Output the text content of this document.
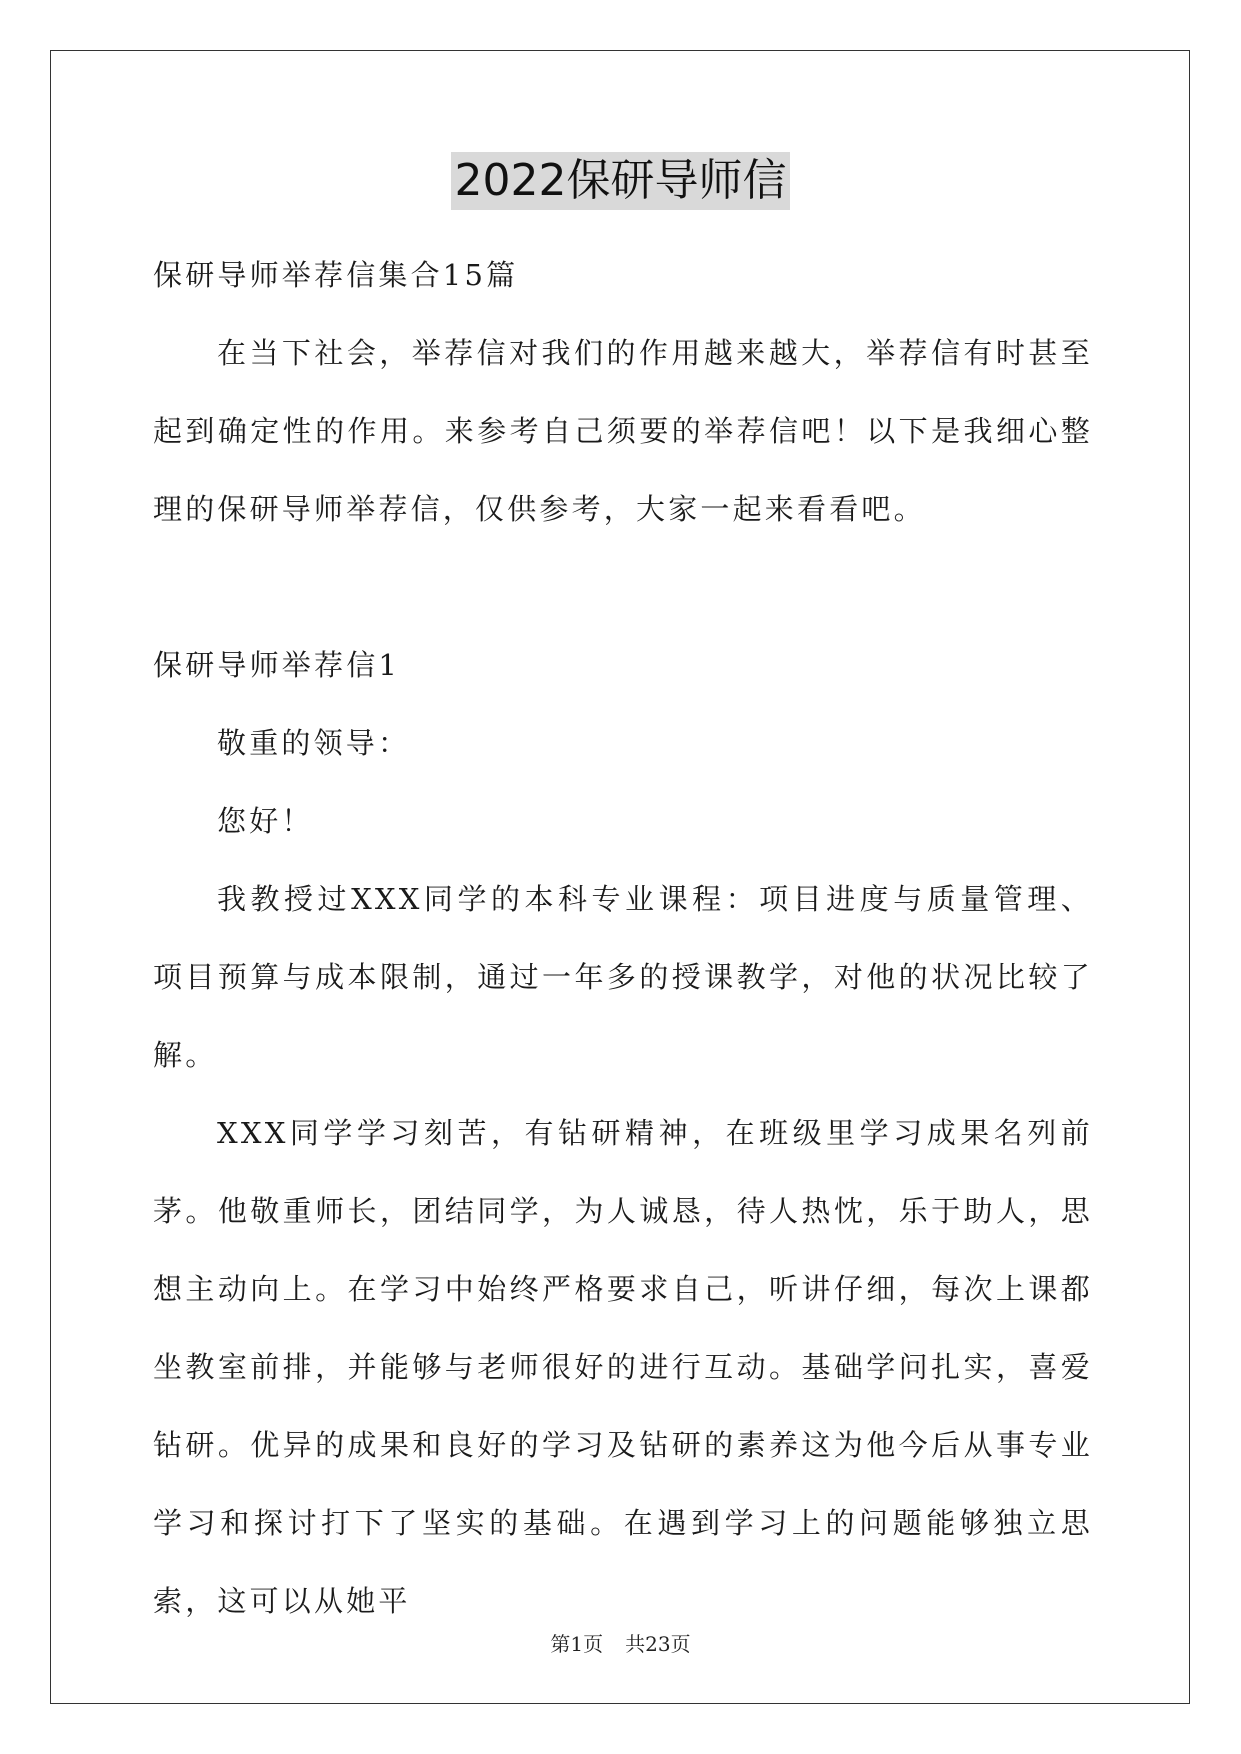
2022保研导师信

保研导师举荐信集合15篇

在当下社会，举荐信对我们的作用越来越大，举荐信有时甚至起到确定性的作用。来参考自己须要的举荐信吧！以下是我细心整理的保研导师举荐信，仅供参考，大家一起来看看吧。

保研导师举荐信1

敬重的领导：

您好！

我教授过XXX同学的本科专业课程：项目进度与质量管理、项目预算与成本限制，通过一年多的授课教学，对他的状况比较了解。

XXX同学学习刻苦，有钻研精神，在班级里学习成果名列前茅。他敬重师长，团结同学，为人诚恳，待人热忱，乐于助人，思想主动向上。在学习中始终严格要求自己，听讲仔细，每次上课都坐教室前排，并能够与老师很好的进行互动。基础学问扎实，喜爱钻研。优异的成果和良好的学习及钻研的素养这为他今后从事专业学习和探讨打下了坚实的基础。在遇到学习上的问题能够独立思索，这可以从她平

第1页 共23页
